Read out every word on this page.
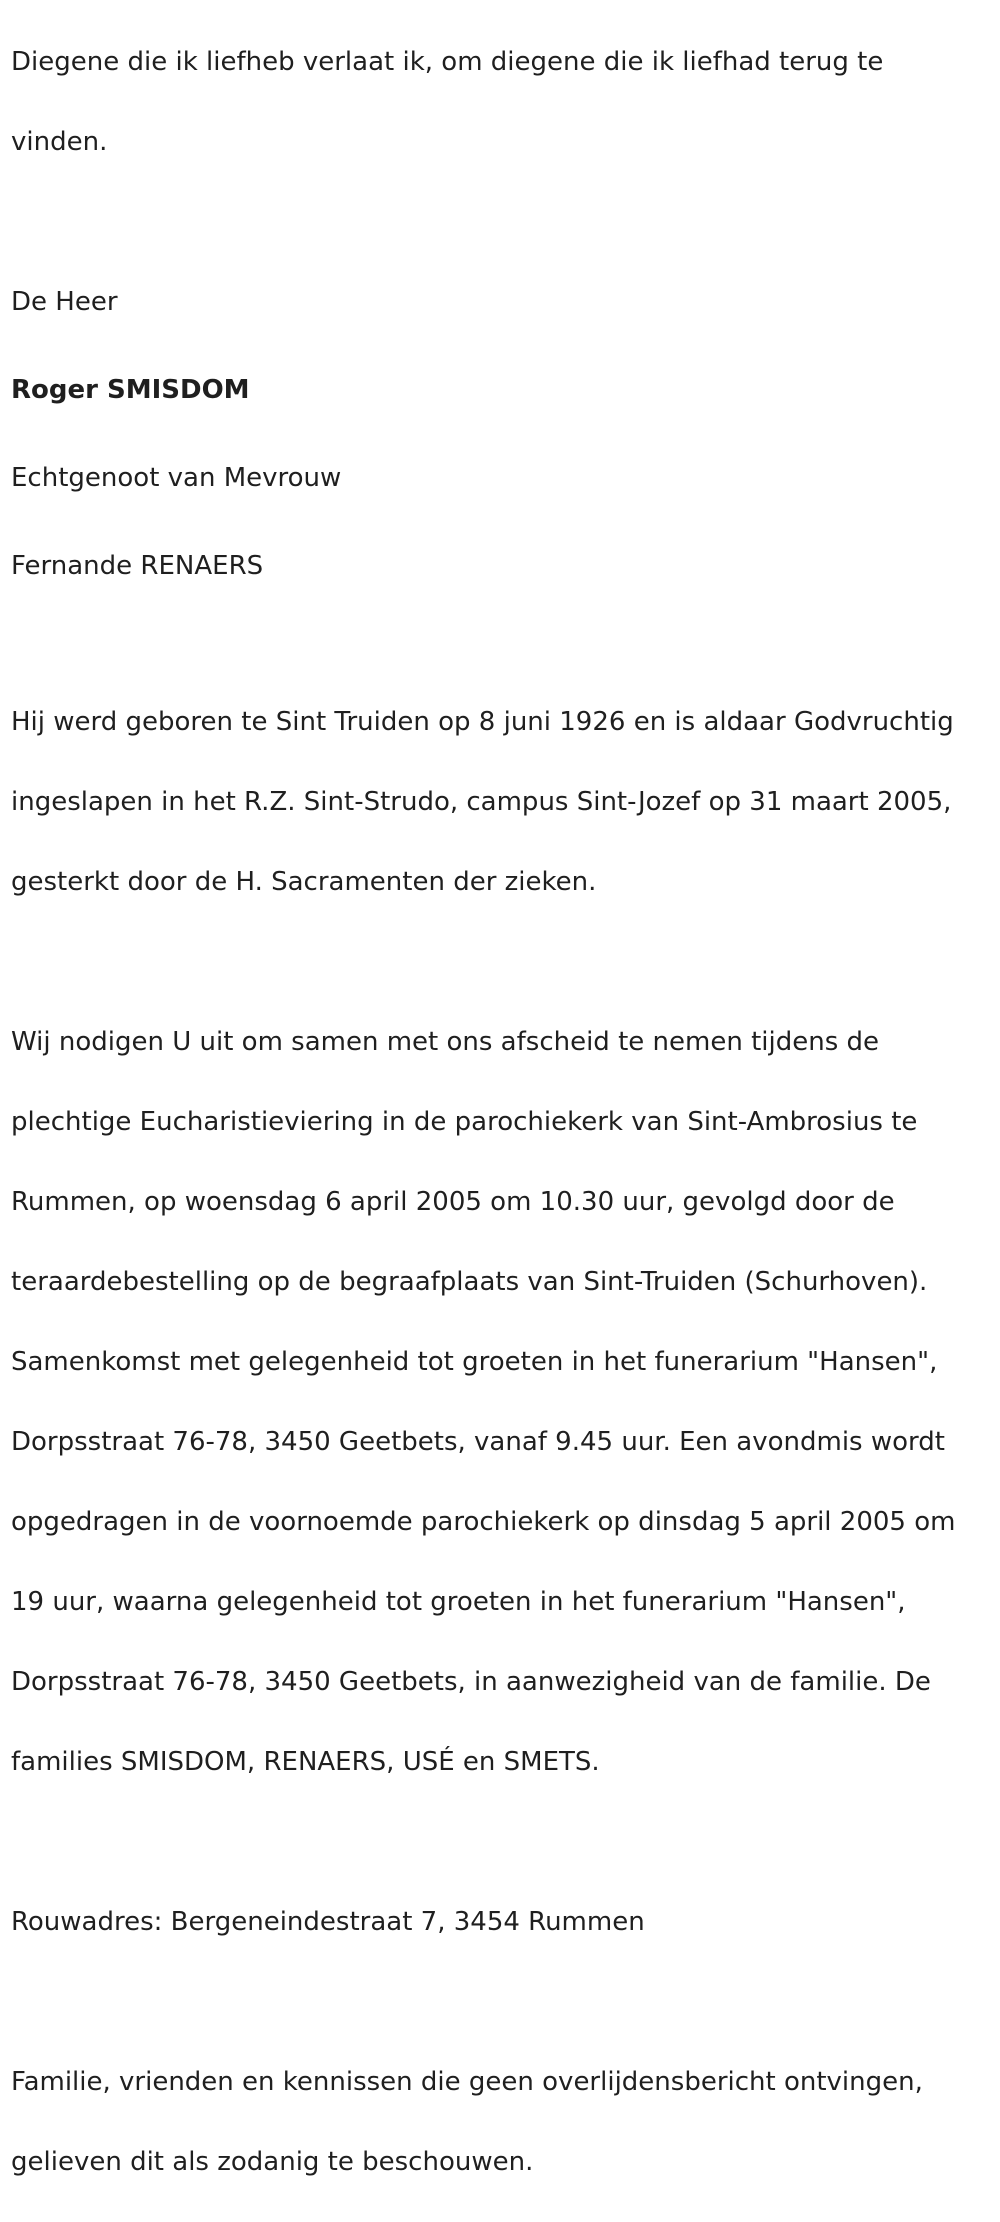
Diegene die ik liefheb verlaat ik, om diegene die ik liefhad terug te

vinden.

De Heer

Roger SMISDOM

Echtgenoot van Mevrouw

Fernande RENAERS

Hij werd geboren te Sint Truiden op 8 juni 1926 en is aldaar Godvruchtig

ingeslapen in het R.Z. Sint-Strudo, campus Sint-Jozef op 31 maart 2005,

gesterkt door de H. Sacramenten der zieken.

Wij nodigen U uit om samen met ons afscheid te nemen tijdens de

plechtige Eucharistieviering in de parochiekerk van Sint-Ambrosius te

Rummen, op woensdag 6 april 2005 om 10.30 uur, gevolgd door de

teraardebestelling op de begraafplaats van Sint-Truiden (Schurhoven).

Samenkomst met gelegenheid tot groeten in het funerarium "Hansen",

Dorpsstraat 76-78, 3450 Geetbets, vanaf 9.45 uur. Een avondmis wordt

opgedragen in de voornoemde parochiekerk op dinsdag 5 april 2005 om

19 uur, waarna gelegenheid tot groeten in het funerarium "Hansen",

Dorpsstraat 76-78, 3450 Geetbets, in aanwezigheid van de familie. De

families SMISDOM, RENAERS, USÉ en SMETS.

Rouwadres: Bergeneindestraat 7, 3454 Rummen

Familie, vrienden en kennissen die geen overlijdensbericht ontvingen,

gelieven dit als zodanig te beschouwen.
